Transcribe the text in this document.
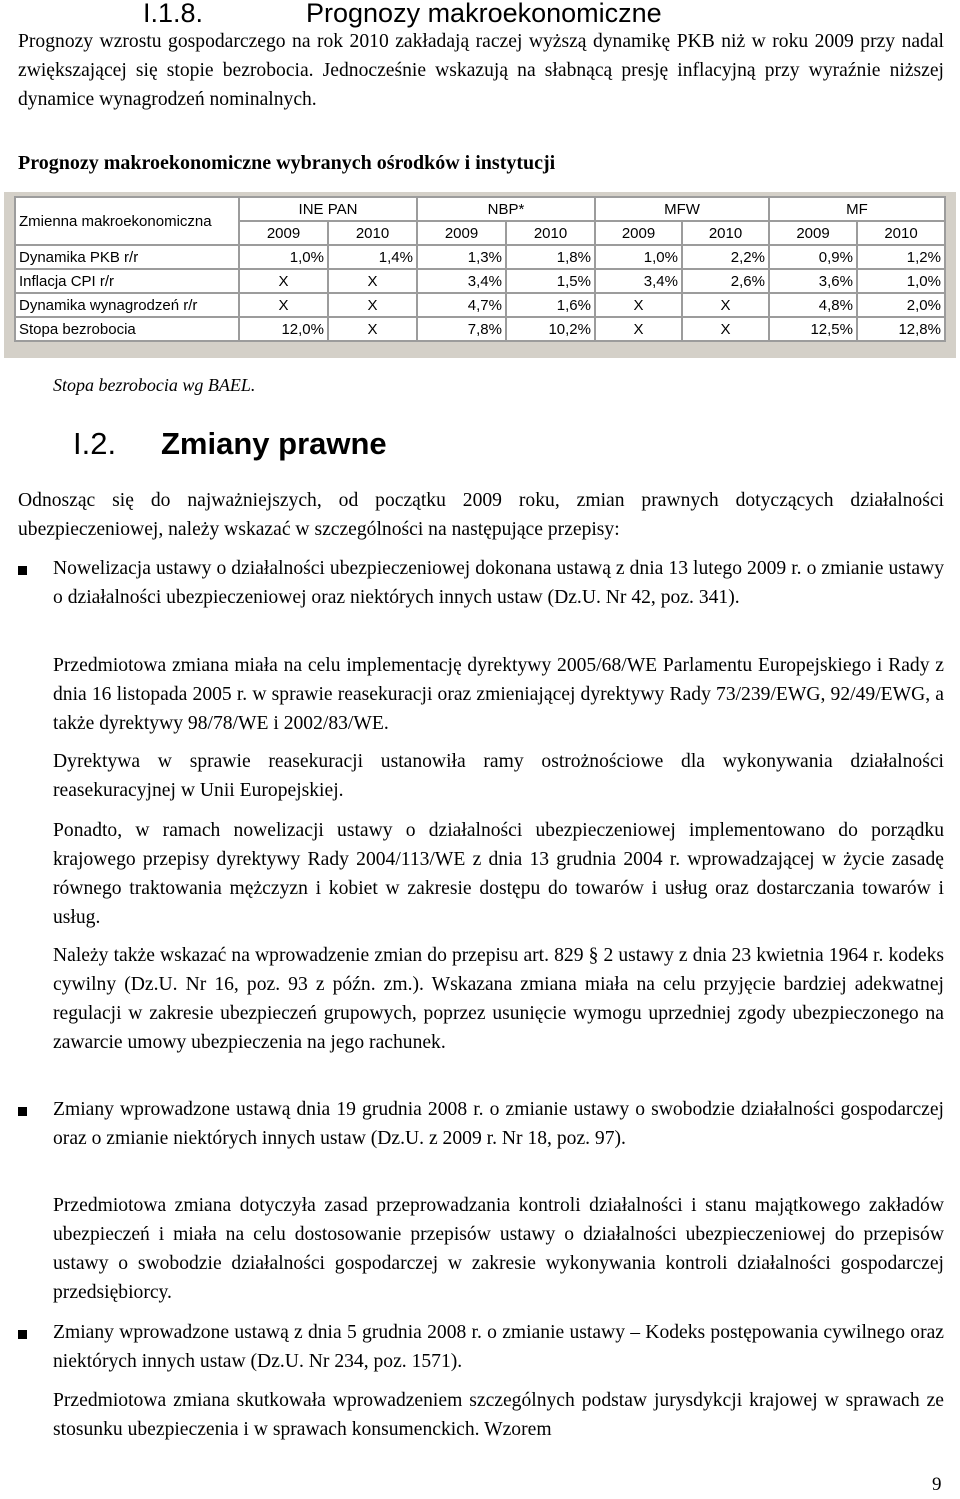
I.1.8.	Prognozy makroekonomiczne

Prognozy wzrostu gospodarczego na rok 2010 zakładają raczej wyższą dynamikę PKB niż w roku 2009 przy nadal zwiększającej się stopie bezrobocia. Jednocześnie wskazują na słabnącą presję inflacyjną przy wyraźnie niższej dynamice wynagrodzeń nominalnych.

Prognozy makroekonomiczne wybranych ośrodków i instytucji
Zmienna makroekonomiczna	INE PAN		NBP*		MFW		MF	
	2009	2010	2009	2010	2009	2010	2009	2010
Dynamika PKB r/r	1,0%	1,4%	1,3%	1,8%	1,0%	2,2%	0,9%	1,2%
Inflacja CPI r/r	X	X	3,4%	1,5%	3,4%	2,6%	3,6%	1,0%
Dynamika wynagrodzeń r/r	X	X	4,7%	1,6%	X	X	4,8%	2,0%
Stopa bezrobocia	12,0%	X	7,8%	10,2%	X	X	12,5%	12,8%
Stopa bezrobocia wg BAEL.
I.2. Zmiany prawne

Odnosząc się do najważniejszych, od początku 2009 roku, zmian prawnych dotyczących działalności ubezpieczeniowej, należy wskazać w szczególności na następujące przepisy:

Nowelizacja ustawy o działalności ubezpieczeniowej dokonana ustawą z dnia 13 lutego 2009 r. o zmianie ustawy o działalności ubezpieczeniowej oraz niektórych innych ustaw (Dz.U. Nr 42, poz. 341).

Przedmiotowa zmiana miała na celu implementację dyrektywy 2005/68/WE Parlamentu Europejskiego i Rady z dnia 16 listopada 2005 r. w sprawie reasekuracji oraz zmieniającej dyrektywy Rady 73/239/EWG, 92/49/EWG, a także dyrektywy 98/78/WE i 2002/83/WE.

Dyrektywa w sprawie reasekuracji ustanowiła ramy ostrożnościowe dla wykonywania działalności reasekuracyjnej w Unii Europejskiej.

Ponadto, w ramach nowelizacji ustawy o działalności ubezpieczeniowej implementowano do porządku krajowego przepisy dyrektywy Rady 2004/113/WE z dnia 13 grudnia 2004 r. wprowadzającej w życie zasadę równego traktowania mężczyzn i kobiet w zakresie dostępu do towarów i usług oraz dostarczania towarów i usług.

Należy także wskazać na wprowadzenie zmian do przepisu art. 829 § 2 ustawy z dnia 23 kwietnia 1964 r. kodeks cywilny (Dz.U. Nr 16, poz. 93 z późn. zm.). Wskazana zmiana miała na celu przyjęcie bardziej adekwatnej regulacji w zakresie ubezpieczeń grupowych, poprzez usunięcie wymogu uprzedniej zgody ubezpieczonego na zawarcie umowy ubezpieczenia na jego rachunek.

Zmiany wprowadzone ustawą dnia 19 grudnia 2008 r. o zmianie ustawy o swobodzie działalności gospodarczej oraz o zmianie niektórych innych ustaw (Dz.U. z 2009 r. Nr 18, poz. 97).

Przedmiotowa zmiana dotyczyła zasad przeprowadzania kontroli działalności i stanu majątkowego zakładów ubezpieczeń i miała na celu dostosowanie przepisów ustawy o działalności ubezpieczeniowej do przepisów ustawy o swobodzie działalności gospodarczej w zakresie wykonywania kontroli działalności gospodarczej przedsiębiorcy.

Zmiany wprowadzone ustawą z dnia 5 grudnia 2008 r. o zmianie ustawy – Kodeks postępowania cywilnego oraz niektórych innych ustaw (Dz.U. Nr 234, poz. 1571).

Przedmiotowa zmiana skutkowała wprowadzeniem szczególnych podstaw jurysdykcji krajowej w sprawach ze stosunku ubezpieczenia i w sprawach konsumenckich. Wzorem

9
